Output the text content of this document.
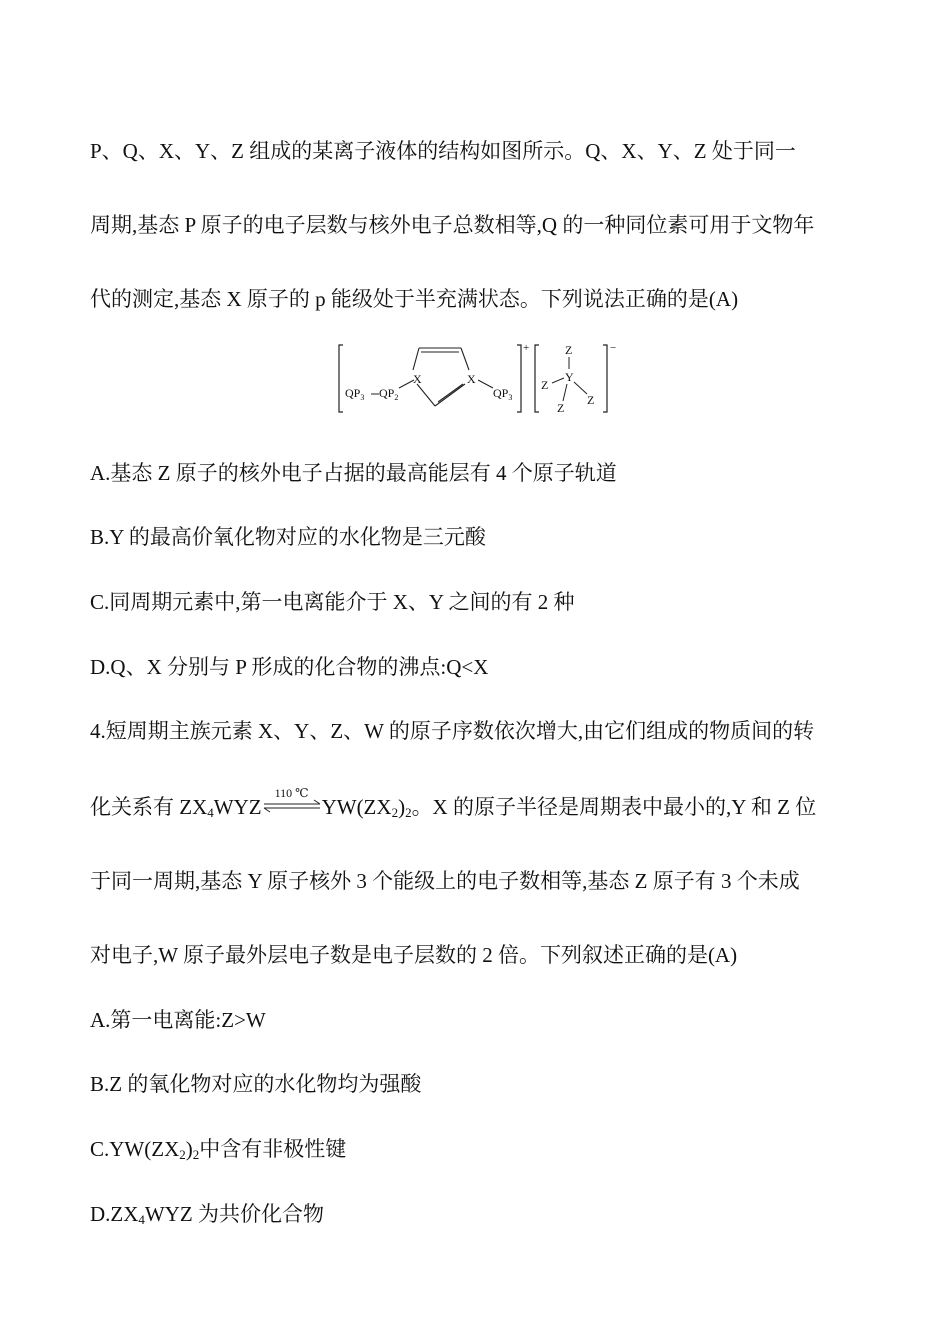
P、Q、X、Y、Z 组成的某离子液体的结构如图所示。Q、X、Y、Z 处于同一
周期,基态 P 原子的电子层数与核外电子总数相等,Q 的一种同位素可用于文物年
代的测定,基态 X 原子的 p 能级处于半充满状态。下列说法正确的是(A)
+
X	X
$QP_3$ $QP_2$	$QP_3$
−
Z
Y
Z
Z
Z
A.基态 Z 原子的核外电子占据的最高能层有 4 个原子轨道
B.Y 的最高价氧化物对应的水化物是三元酸
C.同周期元素中,第一电离能介于 X、Y 之间的有 2 种
D.Q、X 分别与 P 形成的化合物的沸点:Q<X
4.短周期主族元素 X、Y、Z、W 的原子序数依次增大,由它们组成的物质间的转
化关系有 $ZX_4WYZ$
110 ℃
$YW(ZX_2)_2$。X 的原子半径是周期表中最小的,Y 和 Z 位
于同一周期,基态 Y 原子核外 3 个能级上的电子数相等,基态 Z 原子有 3 个未成
对电子,W 原子最外层电子数是电子层数的 2 倍。下列叙述正确的是(A)
A.第一电离能:Z>W
B.Z 的氧化物对应的水化物均为强酸
$C.YW(ZX_2)_2$中含有非极性键
$D.ZX_4WYZ$ 为共价化合物
